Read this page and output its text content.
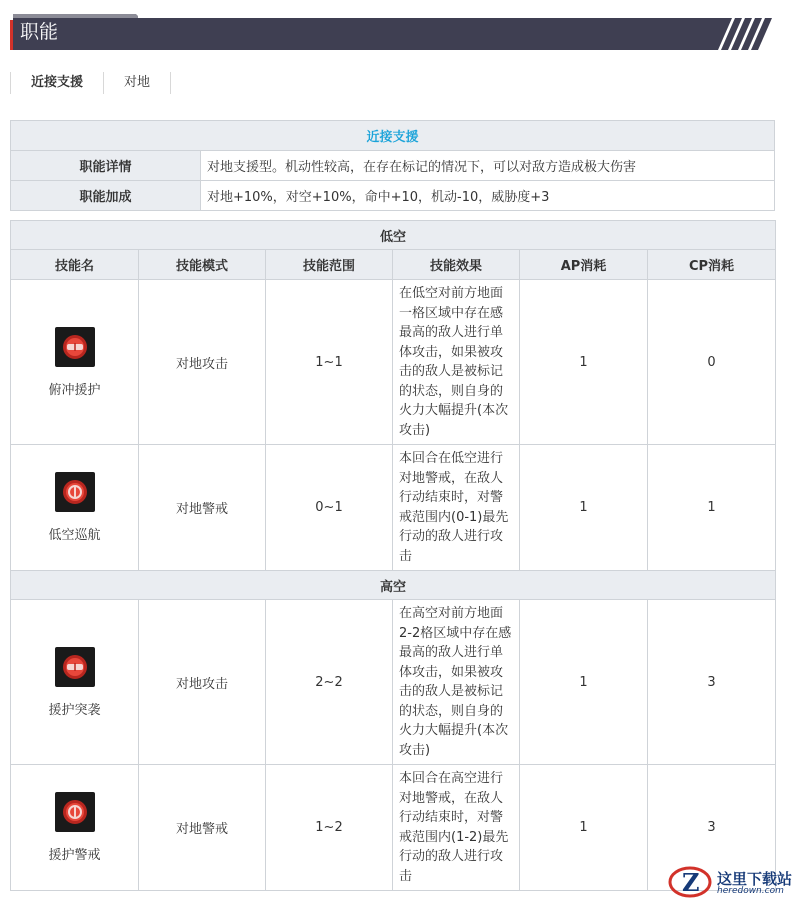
职能
近接支援	对地
近接支援	
职能详情	对地支援型。机动性较高，在存在标记的情况下，可以对敌方造成极大伤害
职能加成	对地+10%，对空+10%，命中+10，机动-10，威胁度+3
低空					
技能名	技能模式	技能范围	技能效果	AP消耗	CP消耗

俯冲援护	对地攻击	1~1	在低空对前方地面一格区域中存在感最高的敌人进行单体攻击，如果被攻击的敌人是被标记的状态，则自身的火力大幅提升(本次攻击)	1	0

低空巡航	对地警戒	0~1	本回合在低空进行对地警戒，在敌人行动结束时，对警戒范围内(0-1)最先行动的敌人进行攻击	1	1
高空					

援护突袭	对地攻击	2~2	在高空对前方地面2-2格区域中存在感最高的敌人进行单体攻击，如果被攻击的敌人是被标记的状态，则自身的火力大幅提升(本次攻击)	1	3

援护警戒	对地警戒	1~2	本回合在高空进行对地警戒，在敌人行动结束时，对警戒范围内(1-2)最先行动的敌人进行攻击	1	3
Z 这里下载站
heredown.com
